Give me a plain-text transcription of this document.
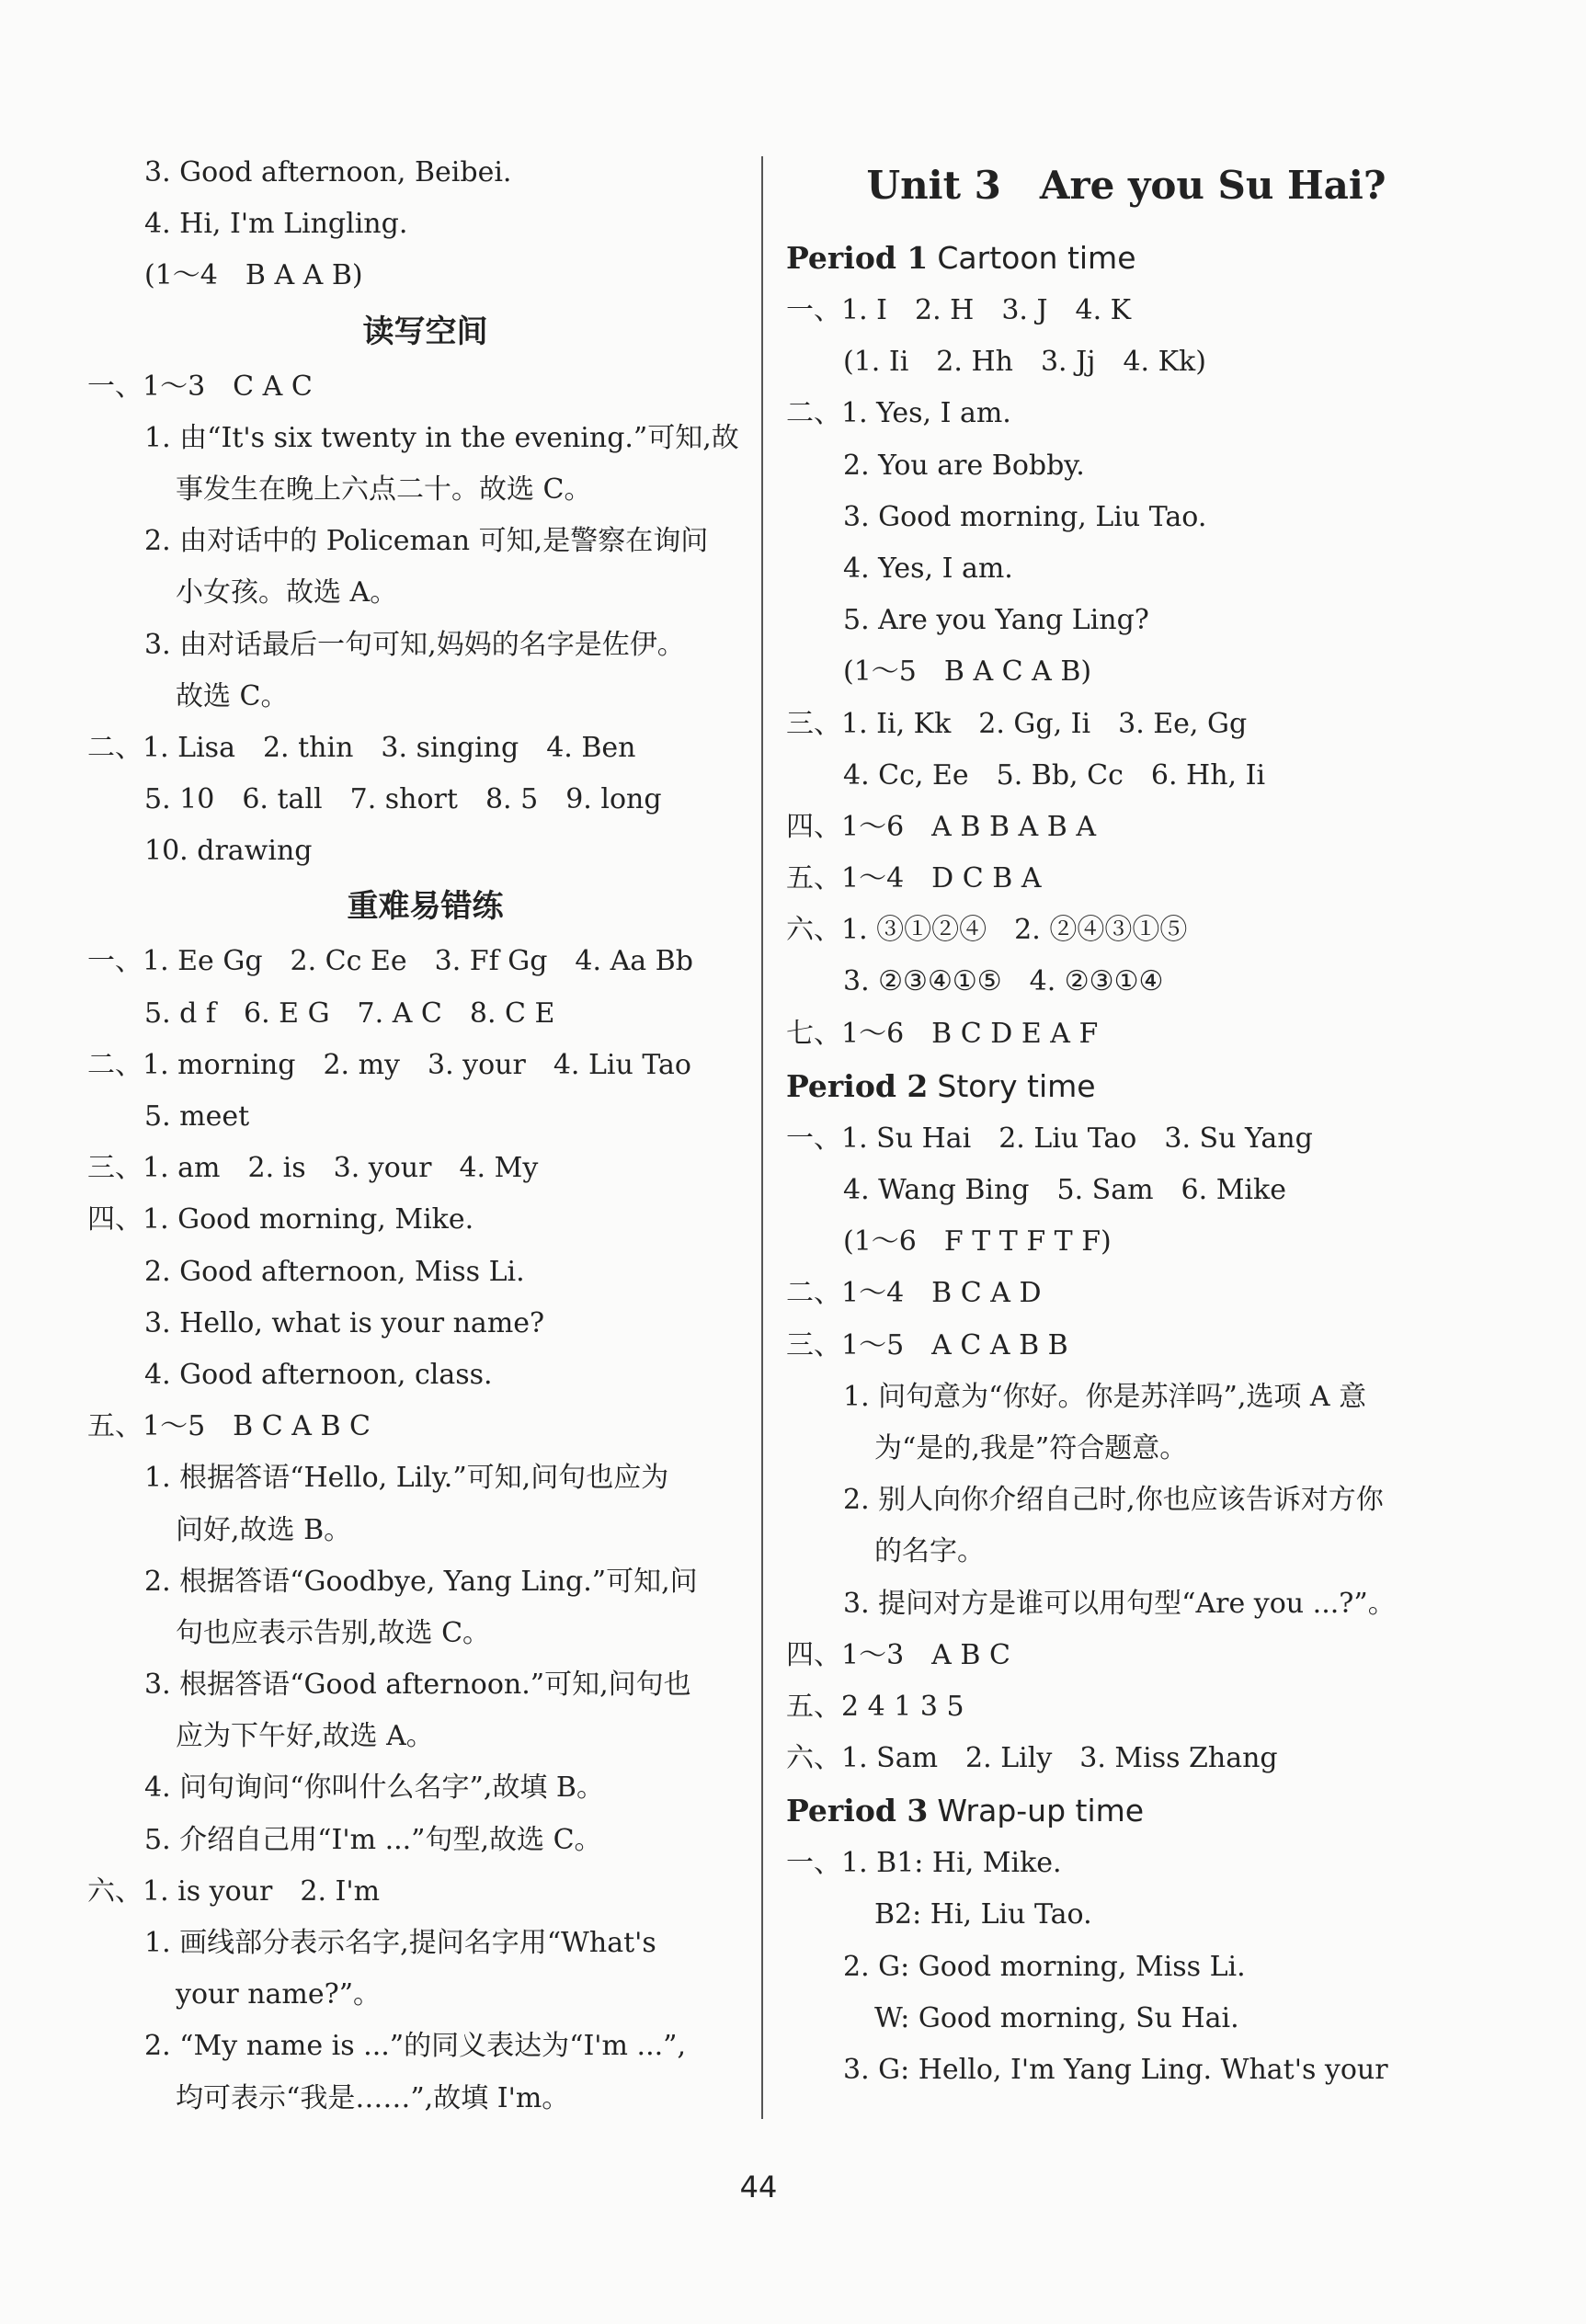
3. Good afternoon, Beibei.
4. Hi, I'm Lingling.
(1～4　B A A B)
读写空间
一、1～3　C A C
1. 由“It's six twenty in the evening.”可知,故
事发生在晚上六点二十。故选 C。
2. 由对话中的 Policeman 可知,是警察在询问
小女孩。故选 A。
3. 由对话最后一句可知,妈妈的名字是佐伊。
故选 C。
二、1. Lisa　2. thin　3. singing　4. Ben
5. 10　6. tall　7. short　8. 5　9. long
10. drawing
重难易错练
一、1. Ee Gg　2. Cc Ee　3. Ff Gg　4. Aa Bb
5. d f　6. E G　7. A C　8. C E
二、1. morning　2. my　3. your　4. Liu Tao
5. meet
三、1. am　2. is　3. your　4. My
四、1. Good morning, Mike.
2. Good afternoon, Miss Li.
3. Hello, what is your name?
4. Good afternoon, class.
五、1～5　B C A B C
1. 根据答语“Hello, Lily.”可知,问句也应为
问好,故选 B。
2. 根据答语“Goodbye, Yang Ling.”可知,问
句也应表示告别,故选 C。
3. 根据答语“Good afternoon.”可知,问句也
应为下午好,故选 A。
4. 问句询问“你叫什么名字”,故填 B。
5. 介绍自己用“I'm ...”句型,故选 C。
六、1. is your　2. I'm
1. 画线部分表示名字,提问名字用“What's
your name?”。
2. “My name is ...”的同义表达为“I'm ...”,
均可表示“我是……”,故填 I'm。
Unit 3　Are you Su Hai?
Period 1 Cartoon time
一、1. I　2. H　3. J　4. K
(1. Ii　2. Hh　3. Jj　4. Kk)
二、1. Yes, I am.
2. You are Bobby.
3. Good morning, Liu Tao.
4. Yes, I am.
5. Are you Yang Ling?
(1～5　B A C A B)
三、1. Ii, Kk　2. Gg, Ii　3. Ee, Gg
4. Cc, Ee　5. Bb, Cc　6. Hh, Ii
四、1～6　A B B A B A
五、1～4　D C B A
六、1. ③①②④　2. ②④③①⑤
3. ②③④①⑤　4. ②③①④
七、1～6　B C D E A F
Period 2 Story time
一、1. Su Hai　2. Liu Tao　3. Su Yang
4. Wang Bing　5. Sam　6. Mike
(1～6　F T T F T F)
二、1～4　B C A D
三、1～5　A C A B B
1. 问句意为“你好。你是苏洋吗”,选项 A 意
为“是的,我是”符合题意。
2. 别人向你介绍自己时,你也应该告诉对方你
的名字。
3. 提问对方是谁可以用句型“Are you ...?”。
四、1～3　A B C
五、2 4 1 3 5
六、1. Sam　2. Lily　3. Miss Zhang
Period 3 Wrap-up time
一、1. B1: Hi, Mike.
B2: Hi, Liu Tao.
2. G: Good morning, Miss Li.
W: Good morning, Su Hai.
3. G: Hello, I'm Yang Ling. What's your
44
